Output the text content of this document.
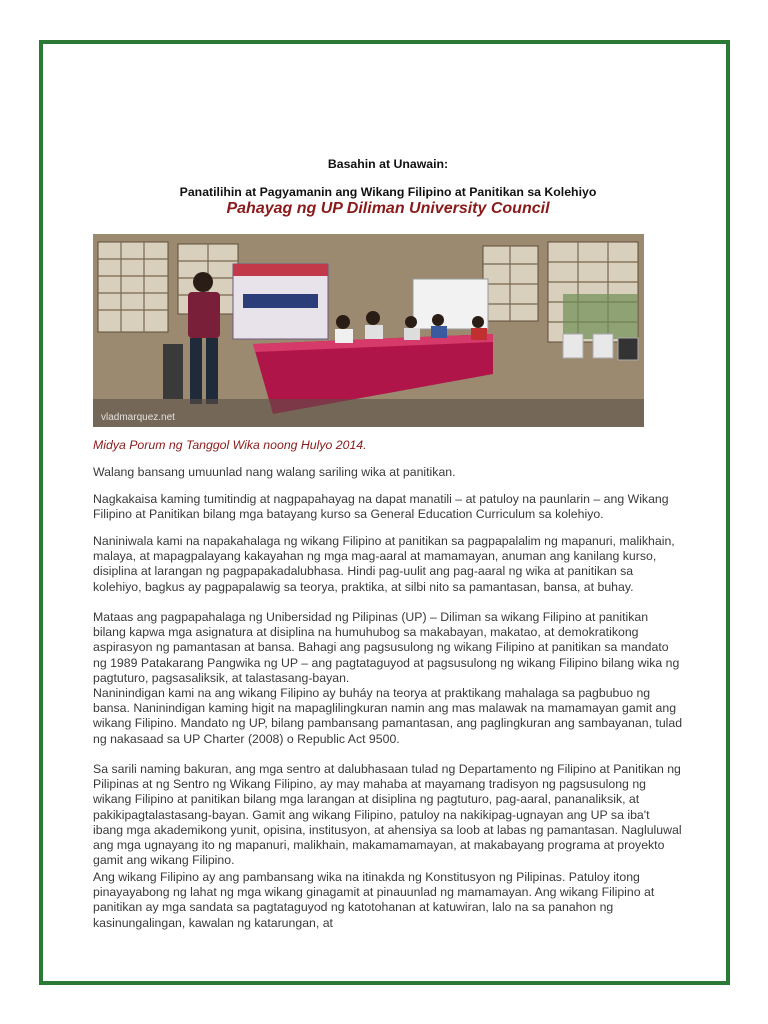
Basahin at Unawain:
Panatilihin at Pagyamanin ang Wikang Filipino at Panitikan sa Kolehiyo
Pahayag ng UP Diliman University Council
vladmarquez.net
Midya Porum ng Tanggol Wika noong Hulyo 2014.

Walang bansang umuunlad nang walang sariling wika at panitikan.

Nagkakaisa kaming tumitindig at nagpapahayag na dapat manatili – at patuloy na paunlarin – ang Wikang Filipino at Panitikan bilang mga batayang kurso sa General Education Curriculum sa kolehiyo.

Naniniwala kami na napakahalaga ng wikang Filipino at panitikan sa pagpapalalim ng mapanuri, malikhain, malaya, at mapagpalayang kakayahan ng mga mag-aaral at mamamayan, anuman ang kanilang kurso, disiplina at larangan ng pagpapakadalubhasa. Hindi pag-uulit ang pag-aaral ng wika at panitikan sa kolehiyo, bagkus ay pagpapalawig sa teorya, praktika, at silbi nito sa pamantasan, bansa, at buhay.

Mataas ang pagpapahalaga ng Unibersidad ng Pilipinas (UP) – Diliman sa wikang Filipino at panitikan bilang kapwa mga asignatura at disiplina na humuhubog sa makabayan, makatao, at demokratikong aspirasyon ng pamantasan at bansa. Bahagi ang pagsusulong ng wikang Filipino at panitikan sa mandato ng 1989 Patakarang Pangwika ng UP – ang pagtataguyod at pagsusulong ng wikang Filipino bilang wika ng pagtuturo, pagsasaliksik, at talastasang-bayan.

Naninindigan kami na ang wikang Filipino ay buháy na teorya at praktikang mahalaga sa pagbubuo ng bansa. Naninindigan kaming higit na mapaglilingkuran namin ang mas malawak na mamamayan gamit ang wikang Filipino. Mandato ng UP, bilang pambansang pamantasan, ang paglingkuran ang sambayanan, tulad ng nakasaad sa UP Charter (2008) o Republic Act 9500.

Sa sarili naming bakuran, ang mga sentro at dalubhasaan tulad ng Departamento ng Filipino at Panitikan ng Pilipinas at ng Sentro ng Wikang Filipino, ay may mahaba at mayamang tradisyon ng pagsusulong ng wikang Filipino at panitikan bilang mga larangan at disiplina ng pagtuturo, pag-aaral, pananaliksik, at pakikipagtalastasang-bayan. Gamit ang wikang Filipino, patuloy na nakikipag-ugnayan ang UP sa iba't ibang mga akademikong yunit, opisina, institusyon, at ahensiya sa loob at labas ng pamantasan. Nagluluwal ang mga ugnayang ito ng mapanuri, malikhain, makamamamayan, at makabayang programa at proyekto gamit ang wikang Filipino.

Ang wikang Filipino ay ang pambansang wika na itinakda ng Konstitusyon ng Pilipinas. Patuloy itong pinayayabong ng lahat ng mga wikang ginagamit at pinauunlad ng mamamayan. Ang wikang Filipino at panitikan ay mga sandata sa pagtataguyod ng katotohanan at katuwiran, lalo na sa panahon ng kasinungalingan, kawalan ng katarungan, at
